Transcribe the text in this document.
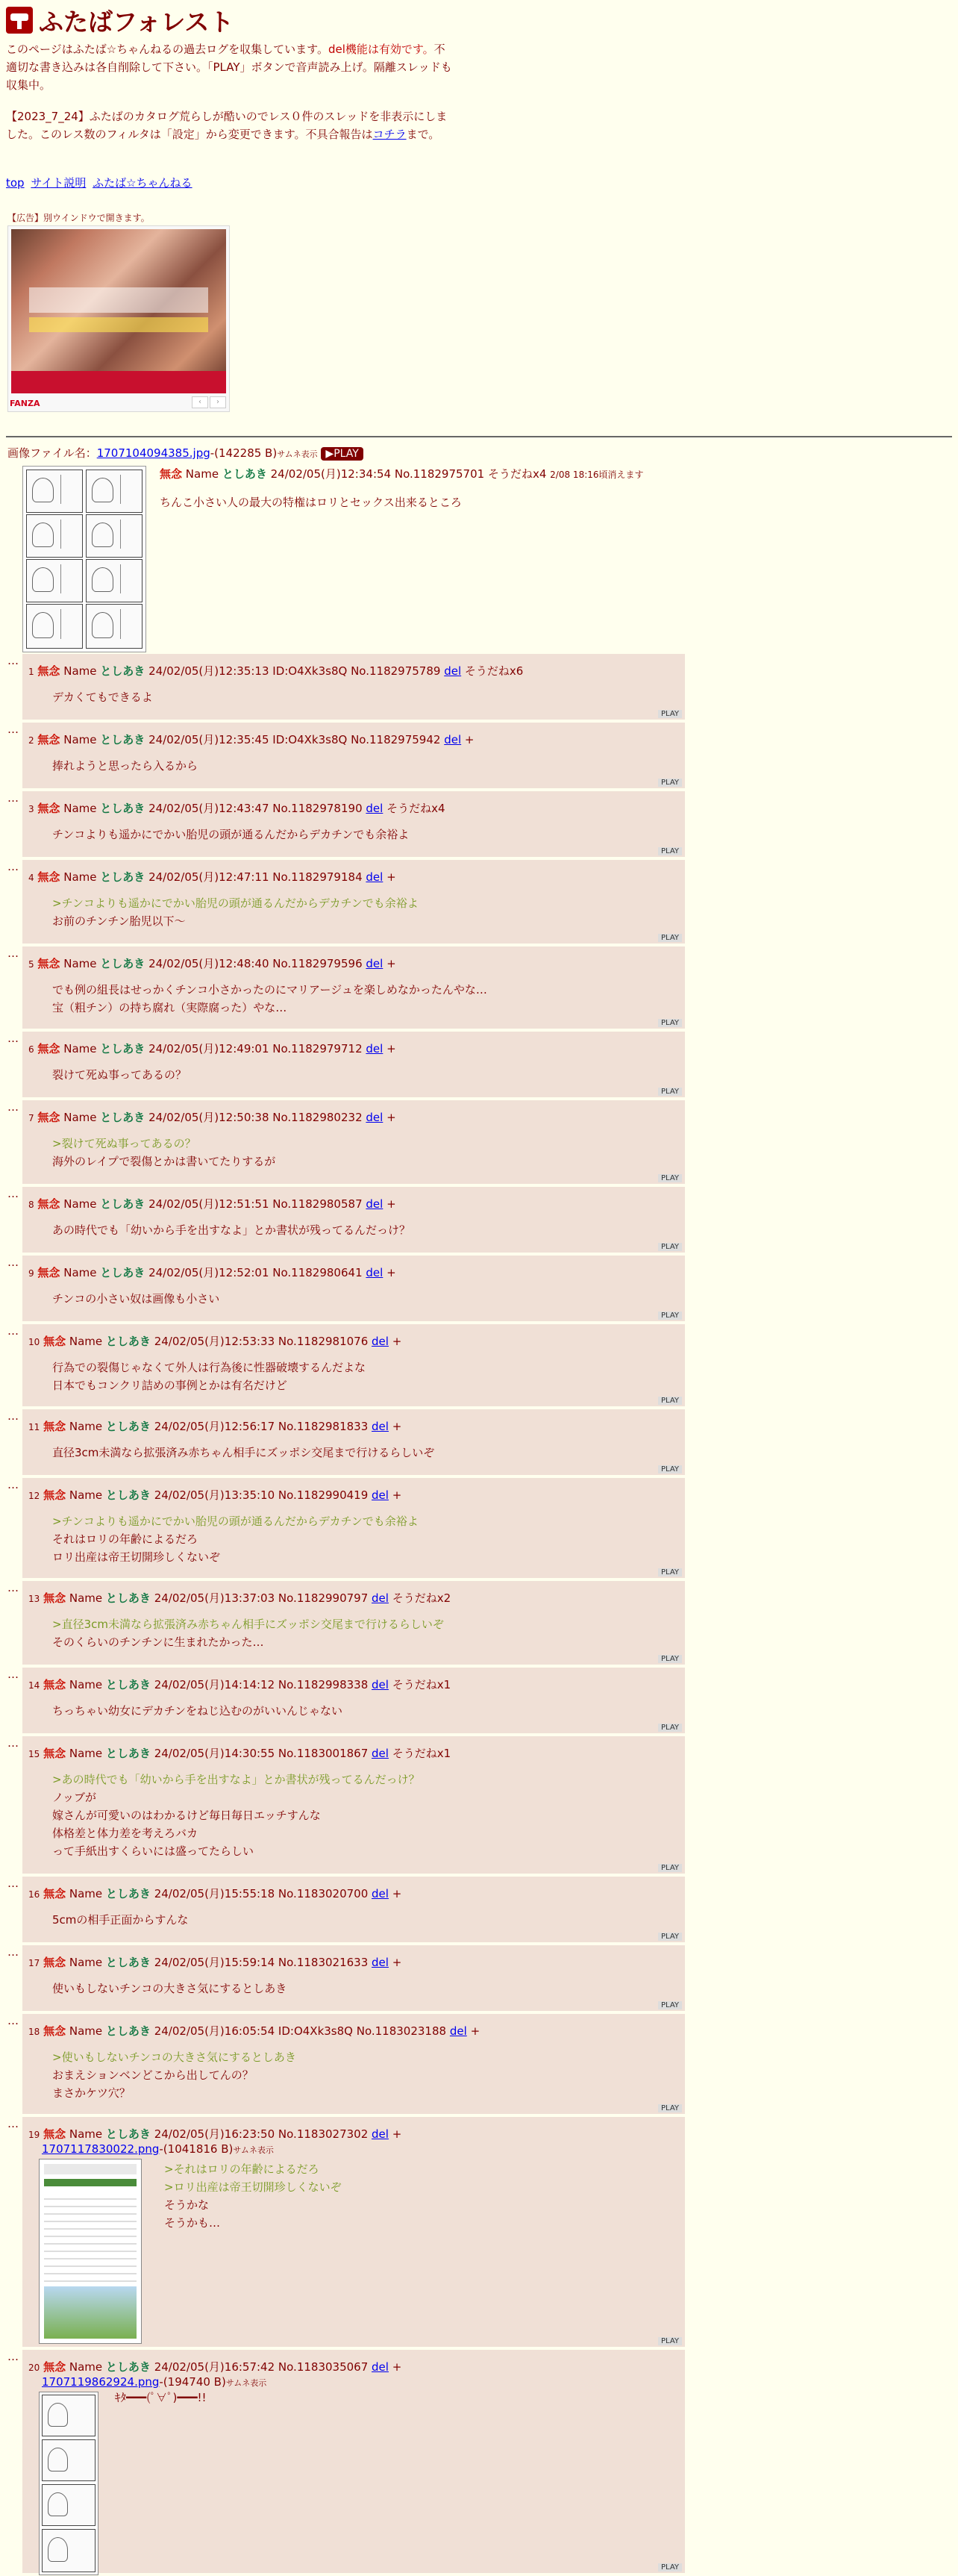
ふたばフォレスト
このページはふたば☆ちゃんねるの過去ログを収集しています。del機能は有効です。不適切な書き込みは各自削除して下さい。「PLAY」ボタンで音声読み上げ。隔離スレッドも収集中。
【2023_7_24】ふたばのカタログ荒らしが酷いのでレス０件のスレッドを非表示にしました。このレス数のフィルタは「設定」から変更できます。不具合報告はコチラまで。
top サイト説明 ふたば☆ちゃんねる
【広告】別ウインドウで開きます。
FANZA	‹	›
画像ファイル名：1707104094385.jpg-(142285 B)サムネ表示 ▶PLAY
無念 Name としあき 24/02/05(月)12:34:54 No.1182975701 そうだねx4 2/08 18:16頃消えます
ちんこ小さい人の最大の特権はロリとセックス出来るところ
…
1 無念 Name としあき 24/02/05(月)12:35:13 ID:O4Xk3s8Q No.1182975789 del そうだねx6
デカくてもできるよ
PLAY
…
2 無念 Name としあき 24/02/05(月)12:35:45 ID:O4Xk3s8Q No.1182975942 del +
捧れようと思ったら入るから
PLAY
…
3 無念 Name としあき 24/02/05(月)12:43:47 No.1182978190 del そうだねx4
チンコよりも遥かにでかい胎児の頭が通るんだからデカチンでも余裕よ
PLAY
…
4 無念 Name としあき 24/02/05(月)12:47:11 No.1182979184 del +
>チンコよりも遥かにでかい胎児の頭が通るんだからデカチンでも余裕よ
お前のチンチン胎児以下〜
PLAY
…
5 無念 Name としあき 24/02/05(月)12:48:40 No.1182979596 del +
でも例の組長はせっかくチンコ小さかったのにマリアージュを楽しめなかったんやな…
宝（粗チン）の持ち腐れ（実際腐った）やな…
PLAY
…
6 無念 Name としあき 24/02/05(月)12:49:01 No.1182979712 del +
裂けて死ぬ事ってあるの？
PLAY
…
7 無念 Name としあき 24/02/05(月)12:50:38 No.1182980232 del +
>裂けて死ぬ事ってあるの？
海外のレイプで裂傷とかは書いてたりするが
PLAY
…
8 無念 Name としあき 24/02/05(月)12:51:51 No.1182980587 del +
あの時代でも「幼いから手を出すなよ」とか書状が残ってるんだっけ？
PLAY
…
9 無念 Name としあき 24/02/05(月)12:52:01 No.1182980641 del +
チンコの小さい奴は画像も小さい
PLAY
…
10 無念 Name としあき 24/02/05(月)12:53:33 No.1182981076 del +
行為での裂傷じゃなくて外人は行為後に性器破壊するんだよな
日本でもコンクリ詰めの事例とかは有名だけど
PLAY
…
11 無念 Name としあき 24/02/05(月)12:56:17 No.1182981833 del +
直径3cm未満なら拡張済み赤ちゃん相手にズッポシ交尾まで行けるらしいぞ
PLAY
…
12 無念 Name としあき 24/02/05(月)13:35:10 No.1182990419 del +
>チンコよりも遥かにでかい胎児の頭が通るんだからデカチンでも余裕よ
それはロリの年齢によるだろ
ロリ出産は帝王切開珍しくないぞ
PLAY
…
13 無念 Name としあき 24/02/05(月)13:37:03 No.1182990797 del そうだねx2
>直径3cm未満なら拡張済み赤ちゃん相手にズッポシ交尾まで行けるらしいぞ
そのくらいのチンチンに生まれたかった…
PLAY
…
14 無念 Name としあき 24/02/05(月)14:14:12 No.1182998338 del そうだねx1
ちっちゃい幼女にデカチンをねじ込むのがいいんじゃない
PLAY
…
15 無念 Name としあき 24/02/05(月)14:30:55 No.1183001867 del そうだねx1
>あの時代でも「幼いから手を出すなよ」とか書状が残ってるんだっけ？
ノッブが
嫁さんが可愛いのはわかるけど毎日毎日エッチすんな
体格差と体力差を考えろバカ
って手紙出すくらいには盛ってたらしい
PLAY
…
16 無念 Name としあき 24/02/05(月)15:55:18 No.1183020700 del +
5cmの相手正面からすんな
PLAY
…
17 無念 Name としあき 24/02/05(月)15:59:14 No.1183021633 del +
使いもしないチンコの大きさ気にするとしあき
PLAY
…
18 無念 Name としあき 24/02/05(月)16:05:54 ID:O4Xk3s8Q No.1183023188 del +
>使いもしないチンコの大きさ気にするとしあき
おまえションベンどこから出してんの？
まさかケツ穴？
PLAY
…
19 無念 Name としあき 24/02/05(月)16:23:50 No.1183027302 del +
1707117830022.png-(1041816 B)サムネ表示
>それはロリの年齢によるだろ
>ロリ出産は帝王切開珍しくないぞ
そうかな
そうかも…
PLAY
…
20 無念 Name としあき 24/02/05(月)16:57:42 No.1183035067 del +
1707119862924.png-(194740 B)サムネ表示
ｷﾀ━━━(ﾟ∀ﾟ)━━━!!
PLAY
